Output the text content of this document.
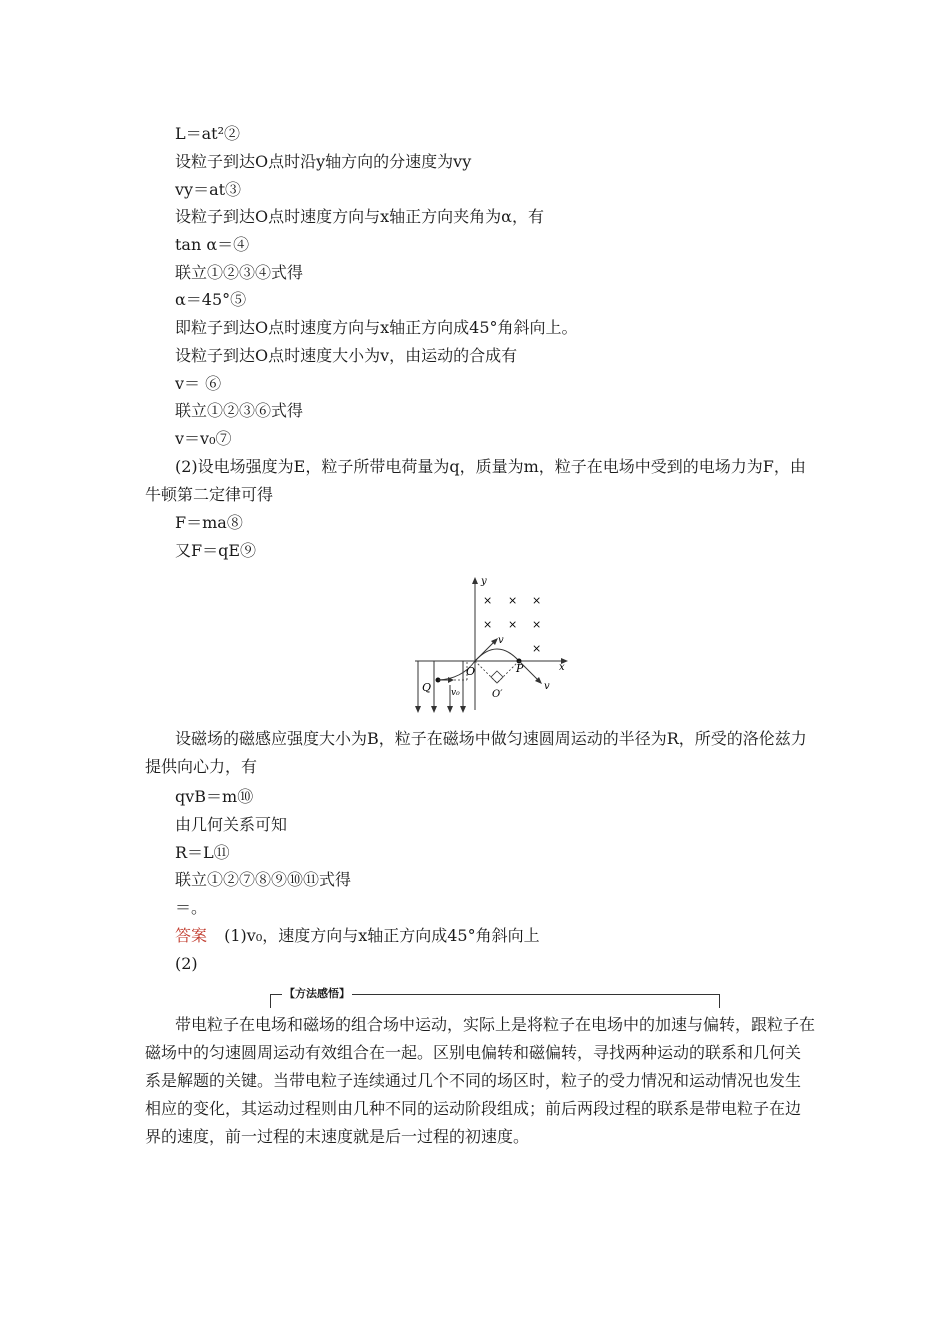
L＝at²②
设粒子到达O点时沿y轴方向的分速度为vy
vy＝at③
设粒子到达O点时速度方向与x轴正方向夹角为α，有
tan α＝④
联立①②③④式得
α＝45°⑤
即粒子到达O点时速度方向与x轴正方向成45°角斜向上。
设粒子到达O点时速度大小为v，由运动的合成有
v＝ ⑥
联立①②③⑥式得
v＝v₀⑦
(2)设电场强度为E，粒子所带电荷量为q，质量为m，粒子在电场中受到的电场力为F，由牛顿第二定律可得
F＝ma⑧
又F＝qE⑨
y
x
× × ×
× × ×
×
Q v₀
O
v
P
v
O′
设磁场的磁感应强度大小为B，粒子在磁场中做匀速圆周运动的半径为R，所受的洛伦兹力提供向心力，有
qvB＝m⑩
由几何关系可知
R＝L⑪
联立①②⑦⑧⑨⑩⑪式得
＝。
答案 (1)v₀，速度方向与x轴正方向成45°角斜向上
(2)
【方法感悟】
带电粒子在电场和磁场的组合场中运动，实际上是将粒子在电场中的加速与偏转，跟粒子在磁场中的匀速圆周运动有效组合在一起。区别电偏转和磁偏转，寻找两种运动的联系和几何关系是解题的关键。当带电粒子连续通过几个不同的场区时，粒子的受力情况和运动情况也发生相应的变化，其运动过程则由几种不同的运动阶段组成；前后两段过程的联系是带电粒子在边界的速度，前一过程的末速度就是后一过程的初速度。
